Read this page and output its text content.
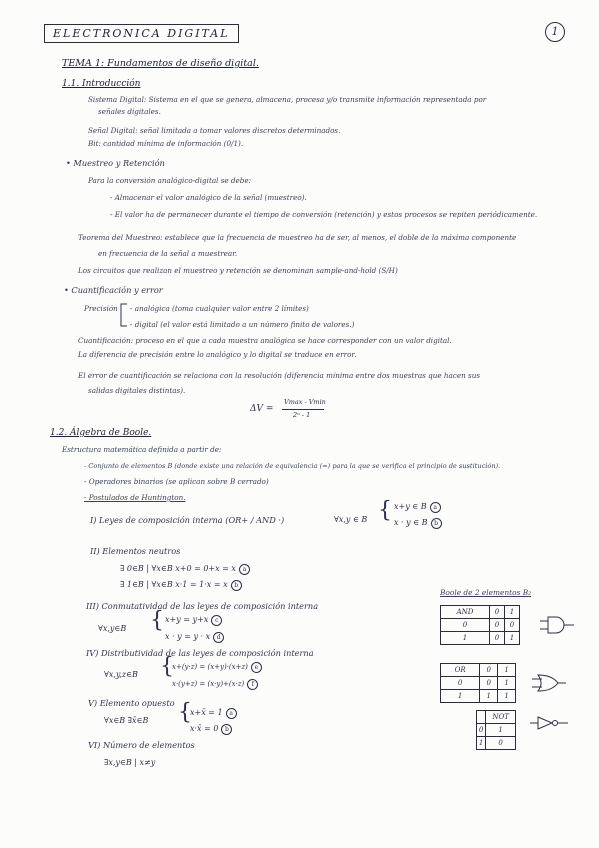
ELECTRONICA DIGITAL	1
TEMA 1: Fundamentos de diseño digital.
1.1. Introducción
Sistema Digital: Sistema en el que se genera, almacena, procesa y/o transmite información representada por
señales digitales.
Señal Digital: señal limitada a tomar valores discretos determinados.
Bit: cantidad mínima de información (0/1).
• Muestreo y Retención
Para la conversión analógico-digital se debe:
- Almacenar el valor analógico de la señal (muestreo).
- El valor ha de permanecer durante el tiempo de conversión (retención) y estos procesos se repiten periódicamente.
Teorema del Muestreo: establece que la frecuencia de muestreo ha de ser, al menos, el doble de la máxima componente
en frecuencia de la señal a muestrear.
Los circuitos que realizan el muestreo y retención se denominan sample-and-hold (S/H)
• Cuantificación y error
Precisión - analógica (toma cualquier valor entre 2 límites)
- digital (el valor está limitado a un número finito de valores.)
Cuantificación: proceso en el que a cada muestra analógica se hace corresponder con un valor digital.
La diferencia de precisión entre lo analógico y lo digital se traduce en error.
El error de cuantificación se relaciona con la resolución (diferencia mínima entre dos muestras que hacen sus
salidas digitales distintas).
ΔV =
Vmax - Vmin
2ⁿ - 1
1.2. Álgebra de Boole.
Estructura matemática definida a partir de:
- Conjunto de elementos B (donde existe una relación de equivalencia (=) para la que se verifica el principio de sustitución).
- Operadores binarios (se aplican sobre B cerrado)
- Postulados de Huntington.
I) Leyes de composición interna (OR+ / AND ·)	∀x,y ∈ B { x+y ∈ B a
x · y ∈ B b
II) Elementos neutros
∃ 0∈B | ∀x∈B x+0 = 0+x = x a
∃ 1∈B | ∀x∈B x·1 = 1·x = x b
III) Conmutatividad de las leyes de composición interna
∀x,y∈B { x+y = y+x c
x · y = y · x d
IV) Distributividad de las leyes de composición interna
∀x,y,z∈B {
x+(y·z) = (x+y)·(x+z) e
x·(y+z) = (x·y)+(x·z) f
V) Elemento opuesto
∀x∈B ∃x̄∈B {
x+x̄ = 1 a
x·x̄ = 0 b
VI) Número de elementos
∃x,y∈B | x≠y
Boole de 2 elementos B₂
AND	0	1
0	0	0
1	0	1
OR	0	1
0	0	1
1	1	1
	NOT
0	1
1	0
